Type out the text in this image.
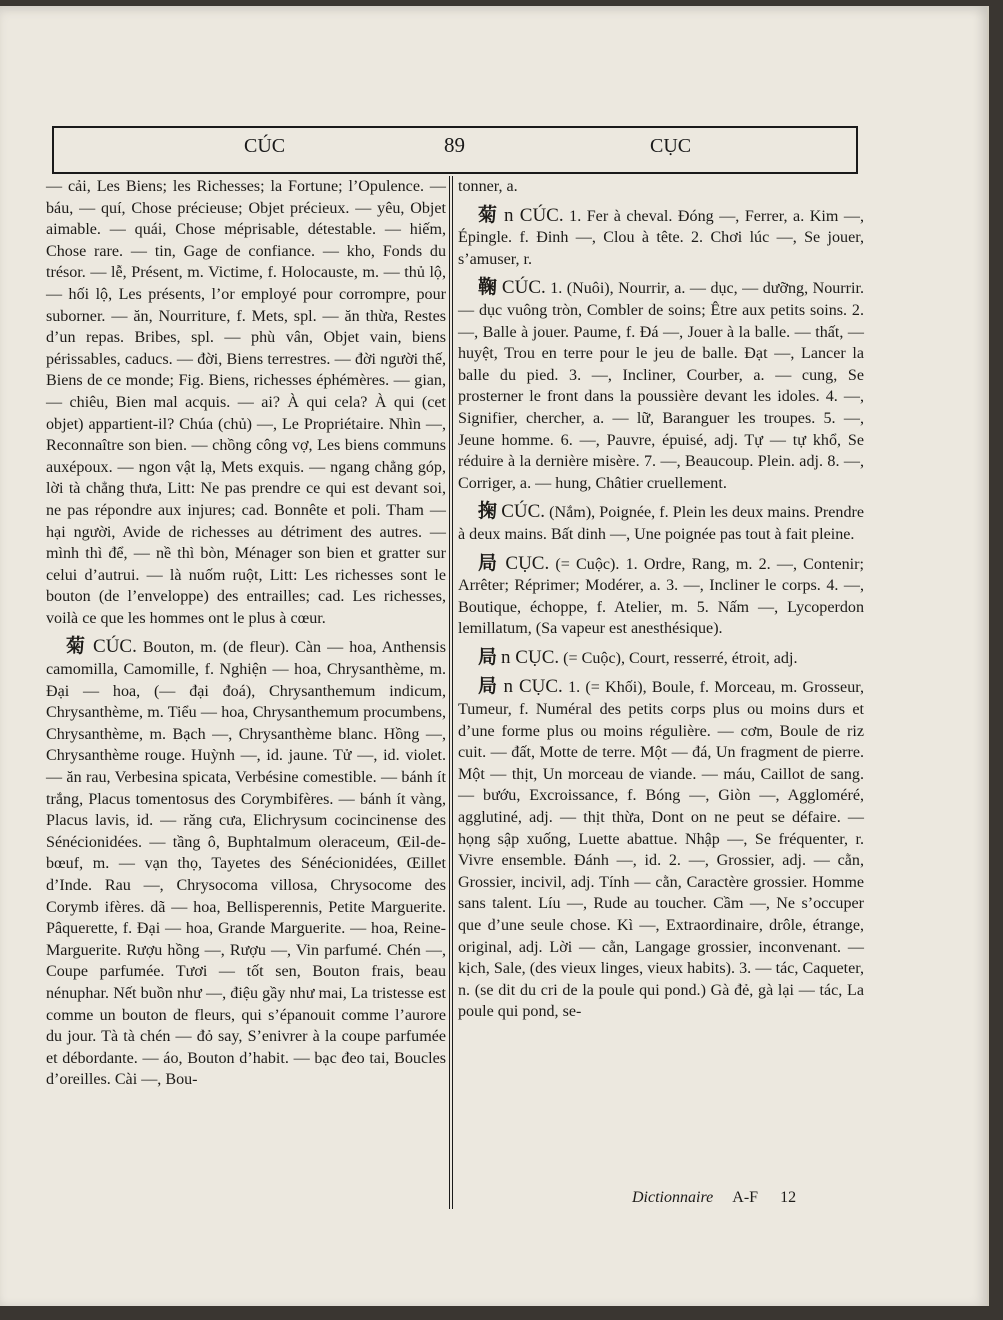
CÚC	89	CỤC

— cải, Les Biens; les Richesses; la Fortune; l’Opulence. — báu, — quí, Chose précieuse; Objet précieux. — yêu, Objet aimable. — quái, Chose méprisable, détestable. — hiếm, Chose rare. — tin, Gage de confiance. — kho, Fonds du trésor. — lễ, Présent, m. Victime, f. Holocauste, m. — thủ lộ, — hối lộ, Les présents, l’or employé pour corrompre, pour suborner. — ăn, Nourriture, f. Mets, spl. — ăn thừa, Restes d’un repas. Bribes, spl. — phù vân, Objet vain, biens périssables, caducs. — đời, Biens terrestres. — đời người thế, Biens de ce monde; Fig. Biens, richesses éphémères. — gian, — chiêu, Bien mal acquis. — ai? À qui cela? À qui (cet objet) appartient-il? Chúa (chủ) —, Le Propriétaire. Nhìn —, Reconnaître son bien. — chồng công vợ, Les biens communs auxépoux. — ngon vật lạ, Mets exquis. — ngang chẳng góp, lời tà chẳng thưa, Litt: Ne pas prendre ce qui est devant soi, ne pas répondre aux injures; cad. Bonnête et poli. Tham — hại người, Avide de richesses au détriment des autres. — mình thì để, — nề thì bòn, Ménager son bien et gratter sur celui d’autrui. — là nuốm ruột, Litt: Les richesses sont le bouton (de l’enveloppe) des entrailles; cad. Les richesses, voilà ce que les hommes ont le plus à cœur.

菊 CÚC. Bouton, m. (de fleur). Càn — hoa, Anthensis camomilla, Camomille, f. Nghiện — hoa, Chrysanthème, m. Đại — hoa, (— đại đoá), Chrysanthemum indicum, Chrysanthème, m. Tiểu — hoa, Chrysanthemum procumbens, Chrysanthème, m. Bạch —, Chrysanthème blanc. Hồng —, Chrysanthème rouge. Huỳnh —, id. jaune. Tử —, id. violet. — ăn rau, Verbesina spicata, Verbésine comestible. — bánh ít trắng, Placus tomentosus des Corymbifères. — bánh ít vàng, Placus lavis, id. — răng cưa, Elichrysum cocincinense des Sénécionidées. — tầng ô, Buphtalmum oleraceum, Œil-de-bœuf, m. — vạn thọ, Tayetes des Sénécionidées, Œillet d’Inde. Rau —, Chrysocoma villosa, Chrysocome des Corymb ifères. dã — hoa, Bellisperennis, Petite Marguerite. Pâquerette, f. Đại — hoa, Grande Marguerite. — hoa, Reine-Marguerite. Rượu hồng —, Rượu —, Vin parfumé. Chén —, Coupe parfumée. Tươi — tốt sen, Bouton frais, beau nénuphar. Nết buồn như —, điệu gầy như mai, La tristesse est comme un bouton de fleurs, qui s’épanouit comme l’aurore du jour. Tà tà chén — đỏ say, S’enivrer à la coupe parfumée et débordante. — áo, Bouton d’habit. — bạc đeo tai, Boucles d’oreilles. Cài —, Bou-

tonner, a.

菊 n CÚC. 1. Fer à cheval. Đóng —, Ferrer, a. Kim —, Épingle. f. Đinh —, Clou à tête. 2. Chơi lúc —, Se jouer, s’amuser, r.

鞠 CÚC. 1. (Nuôi), Nourrir, a. — dục, — dưỡng, Nourrir. — dục vuông tròn, Combler de soins; Être aux petits soins. 2. —, Balle à jouer. Paume, f. Đá —, Jouer à la balle. — thất, — huyệt, Trou en terre pour le jeu de balle. Đạt —, Lancer la balle du pied. 3. —, Incliner, Courber, a. — cung, Se prosterner le front dans la poussière devant les idoles. 4. —, Signifier, chercher, a. — lữ, Baranguer les troupes. 5. —, Jeune homme. 6. —, Pauvre, épuisé, adj. Tự — tự khổ, Se réduire à la dernière misère. 7. —, Beaucoup. Plein. adj. 8. —, Corriger, a. — hung, Châtier cruellement.

掬 CÚC. (Nắm), Poignée, f. Plein les deux mains. Prendre à deux mains. Bất dinh —, Une poignée pas tout à fait pleine.

局 CỤC. (= Cuộc). 1. Ordre, Rang, m. 2. —, Contenir; Arrêter; Réprimer; Modérer, a. 3. —, Incliner le corps. 4. —, Boutique, échoppe, f. Atelier, m. 5. Nấm —, Lycoperdon lemillatum, (Sa vapeur est anesthésique).

局 n CỤC. (= Cuộc), Court, resserré, étroit, adj.

局 n CỤC. 1. (= Khối), Boule, f. Morceau, m. Grosseur, Tumeur, f. Numéral des petits corps plus ou moins durs et d’une forme plus ou moins régulière. — cơm, Boule de riz cuit. — đất, Motte de terre. Một — đá, Un fragment de pierre. Một — thịt, Un morceau de viande. — máu, Caillot de sang. — bướu, Excroissance, f. Bóng —, Giòn —, Aggloméré, agglutiné, adj. — thịt thừa, Dont on ne peut se défaire. — họng sập xuống, Luette abattue. Nhập —, Se fréquenter, r. Vivre ensemble. Đánh —, id. 2. —, Grossier, adj. — cằn, Grossier, incivil, adj. Tính — cằn, Caractère grossier. Homme sans talent. Líu —, Rude au toucher. Cầm —, Ne s’occuper que d’une seule chose. Kì —, Extraordinaire, drôle, étrange, original, adj. Lời — cằn, Langage grossier, inconvenant. — kịch, Sale, (des vieux linges, vieux habits). 3. — tác, Caqueter, n. (se dit du cri de la poule qui pond.) Gà đẻ, gà lại — tác, La poule qui pond, se-

Dictionnaire A-F 12
